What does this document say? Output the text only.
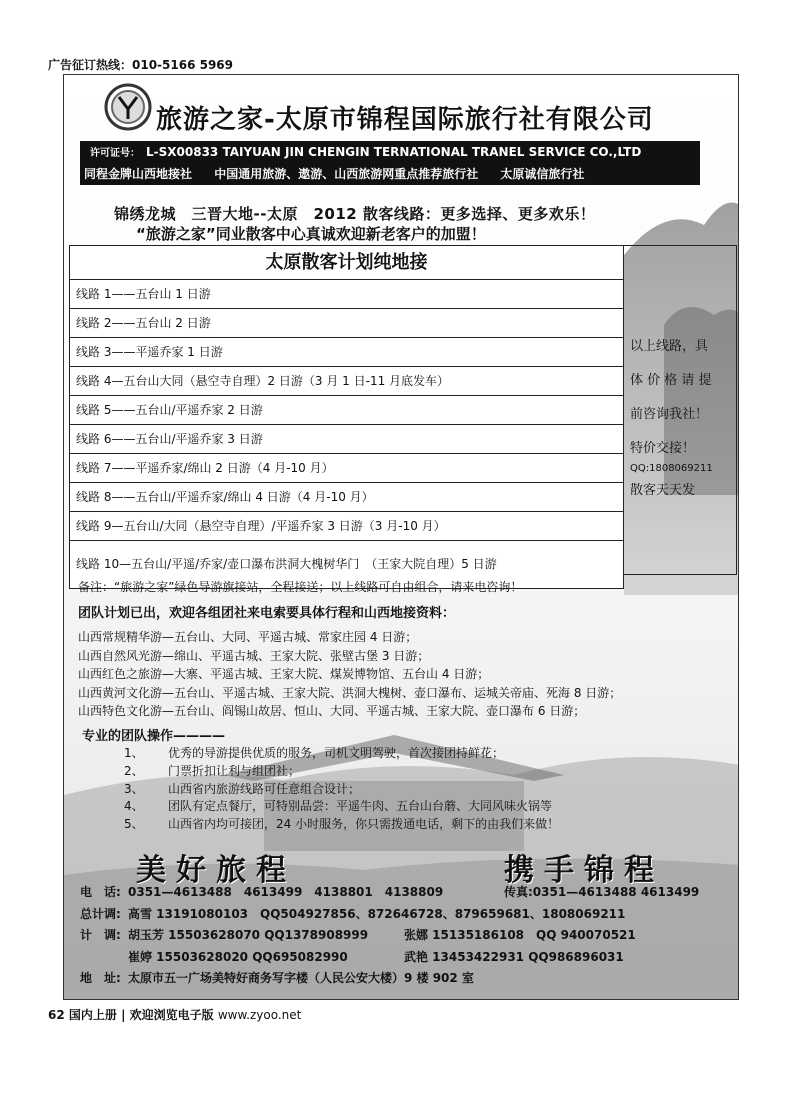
广告征订热线：010-5166 5969
旅游之家-太原市锦程国际旅行社有限公司
许可证号： L-SX00833 TAIYUAN JIN CHENGIN TERNATIONAL TRANEL SERVICE CO.,LTD
同程金牌山西地接社 中国通用旅游、遨游、山西旅游网重点推荐旅行社 太原诚信旅行社
锦绣龙城　三晋大地--太原　2012 散客线路：更多选择、更多欢乐！
“旅游之家”同业散客中心真诚欢迎新老客户的加盟！
太原散客计划纯地接
线路 1——五台山 1 日游
线路 2——五台山 2 日游
线路 3——平遥乔家 1 日游
线路 4—五台山大同（悬空寺自理）2 日游（3 月 1 日-11 月底发车）
线路 5——五台山/平遥乔家 2 日游
线路 6——五台山/平遥乔家 3 日游
线路 7——平遥乔家/绵山 2 日游（4 月-10 月）
线路 8——五台山/平遥乔家/绵山 4 日游（4 月-10 月）
线路 9—五台山/大同（悬空寺自理）/平遥乔家 3 日游（3 月-10 月）
线路 10—五台山/平遥/乔家/壶口瀑布洪洞大槐树华门　（王家大院自理）5 日游
以上线路，具
体 价 格 请 提
前咨询我社！
特价交接！
QQ:1808069211
散客天天发
备注：“旅游之家”绿色导游旗接站，全程接送；以上线路可自由组合，请来电咨询！
团队计划已出，欢迎各组团社来电索要具体行程和山西地接资料：
山西常规精华游—五台山、大同、平遥古城、常家庄园 4 日游；
山西自然风光游—绵山、平遥古城、王家大院、张壁古堡 3 日游；
山西红色之旅游—大寨、平遥古城、王家大院、煤炭博物馆、五台山 4 日游；
山西黄河文化游—五台山、平遥古城、王家大院、洪洞大槐树、壶口瀑布、运城关帝庙、死海 8 日游；
山西特色文化游—五台山、阎锡山故居、恒山、大同、平遥古城、王家大院、壶口瀑布 6 日游；
专业的团队操作————
1、 优秀的导游提供优质的服务，司机文明驾驶，首次接团持鲜花；
2、 门票折扣让利与组团社；
3、 山西省内旅游线路可任意组合设计；
4、 团队有定点餐厅，可特别品尝：平遥牛肉、五台山台蘑、大同风味火锅等
5、 山西省内均可接团，24 小时服务，你只需拨通电话，剩下的由我们来做！
美好旅程	携手锦程
电　话: 0351—4613488　4613499　4138801　4138809	传真:0351—4613488 4613499
总计调: 高雪 13191080103　QQ504927856、872646728、879659681、1808069211
计　调: 胡玉芳 15503628070 QQ1378908999	张娜 15135186108　QQ 940070521
崔婷 15503628020 QQ695082990	武艳 13453422931 QQ986896031
地　址: 太原市五一广场美特好商务写字楼（人民公安大楼）9 楼 902 室
62 国内上册 | 欢迎浏览电子版 www.zyoo.net
